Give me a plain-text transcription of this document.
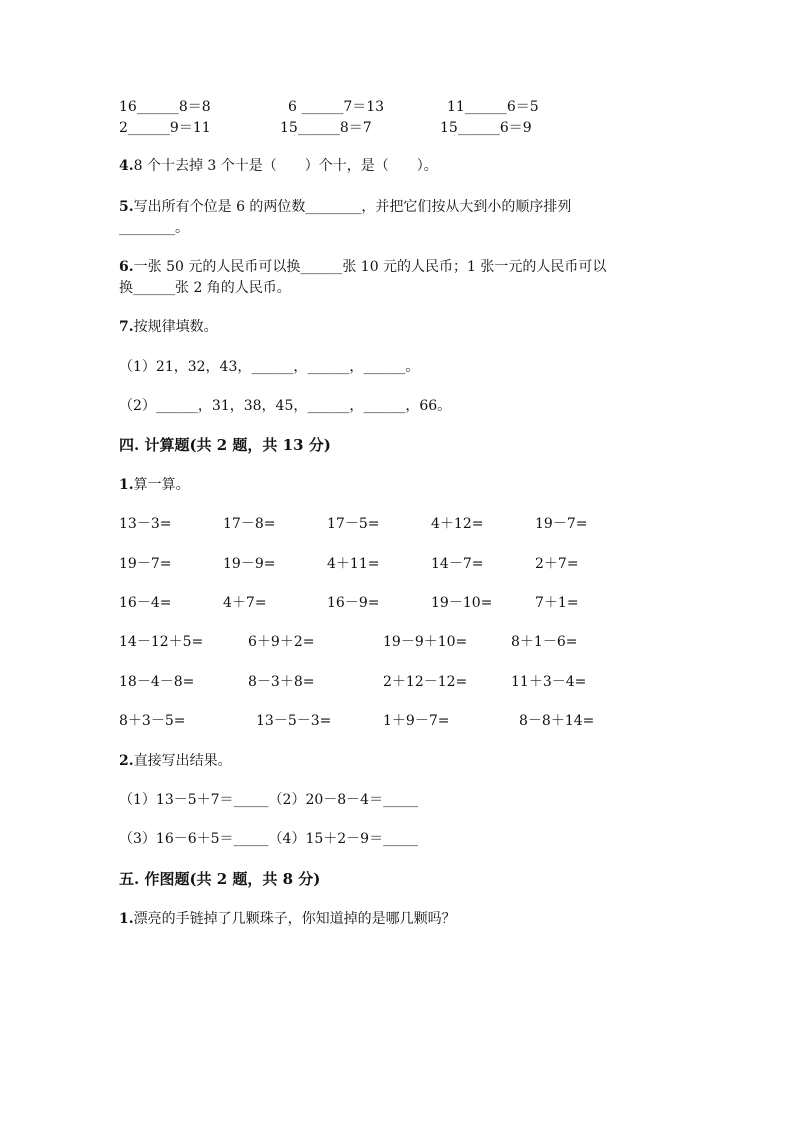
16______8＝8	6 ______7＝13	11______6＝5
2______9＝11	15______8＝7	15______6＝9
4.8 个十去掉 3 个十是（　　）个十，是（　　）。
5.写出所有个位是 6 的两位数________，并把它们按从大到小的顺序排列
________。
6.一张 50 元的人民币可以换______张 10 元的人民币；1 张一元的人民币可以
换______张 2 角的人民币。
7.按规律填数。
（1）21，32，43，______，______，______。
（2）______，31，38，45，______，______，66。
四. 计算题(共 2 题，共 13 分)
1.算一算。
13－3=	17－8=	17－5=	4＋12=	19－7=
19－7=	19－9=	4＋11=	14－7=	2＋7=
16－4=	4＋7=	16－9=	19－10=	7＋1=
14－12＋5=	6＋9＋2=	19－9＋10=	8＋1－6=
18－4－8=	8－3＋8=	2＋12－12=	11＋3－4=
8＋3－5=	13－5－3=	1＋9－7=	8－8＋14=
2.直接写出结果。
（1）13－5＋7＝_____（2）20－8－4＝_____
（3）16－6＋5＝_____（4）15＋2－9＝_____
五. 作图题(共 2 题，共 8 分)
1.漂亮的手链掉了几颗珠子，你知道掉的是哪几颗吗？
